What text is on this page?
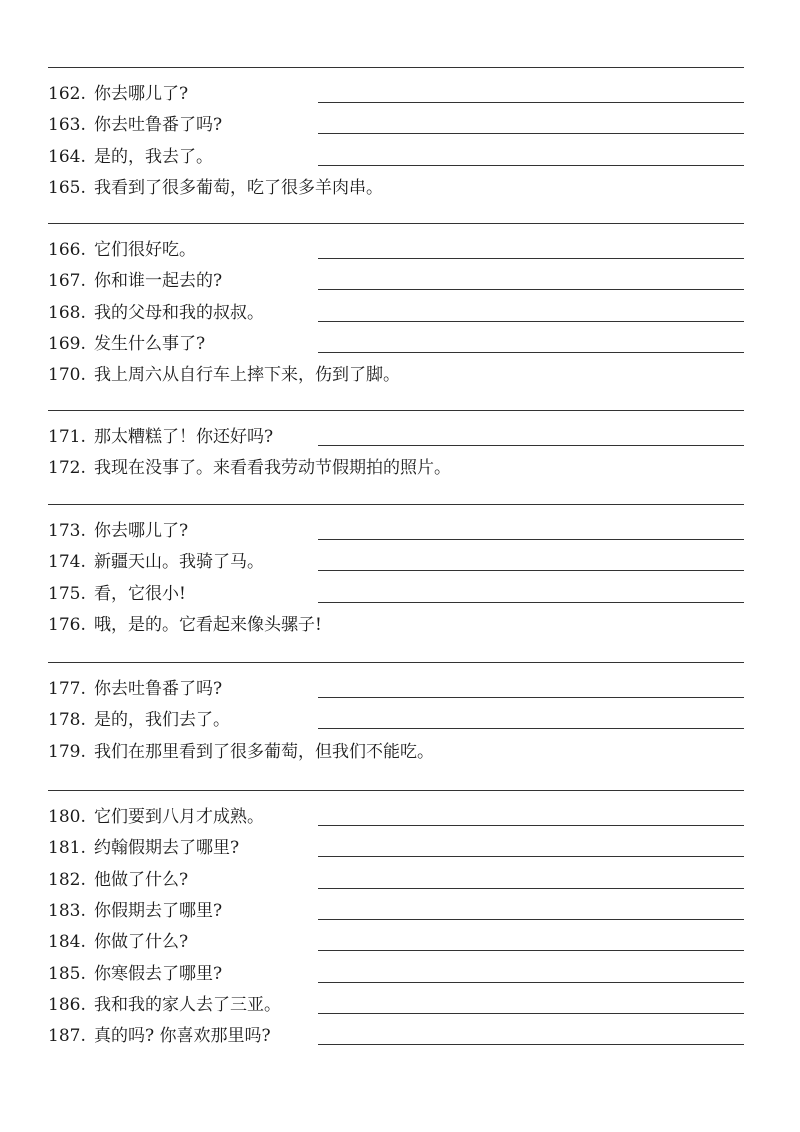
162. 你去哪儿了?
163. 你去吐鲁番了吗?
164. 是的，我去了。
165. 我看到了很多葡萄，吃了很多羊肉串。
166. 它们很好吃。
167. 你和谁一起去的?
168. 我的父母和我的叔叔。
169. 发生什么事了?
170. 我上周六从自行车上摔下来，伤到了脚。
171. 那太糟糕了！你还好吗?
172. 我现在没事了。来看看我劳动节假期拍的照片。
173. 你去哪儿了?
174. 新疆天山。我骑了马。
175. 看，它很小!
176. 哦，是的。它看起来像头骡子!
177. 你去吐鲁番了吗?
178. 是的，我们去了。
179. 我们在那里看到了很多葡萄，但我们不能吃。
180. 它们要到八月才成熟。
181. 约翰假期去了哪里?
182. 他做了什么?
183. 你假期去了哪里?
184. 你做了什么?
185. 你寒假去了哪里?
186. 我和我的家人去了三亚。
187. 真的吗? 你喜欢那里吗?
